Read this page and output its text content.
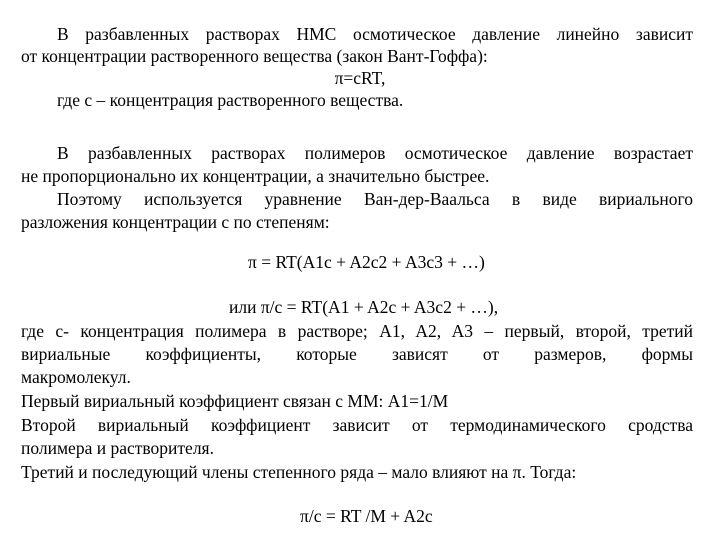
В разбавленных растворах НМС осмотическое давление линейно зависит
от концентрации растворенного вещества (закон Вант-Гоффа):
π=cRT,
где c – концентрация растворенного вещества.
В разбавленных растворах полимеров осмотическое давление возрастает
не пропорционально их концентрации, а значительно быстрее.
Поэтому используется уравнение Ван-дер-Ваальса в виде вириального
разложения концентрации c по степеням:
π = RT(A1c + A2c2 + A3c3 + …)
или π/c = RT(A1 + A2c + A3c2 + …),
где c- концентрация полимера в растворе; A1, A2, A3 – первый, второй, третий
вириальные коэффициенты, которые зависят от размеров, формы
макромолекул.
Первый вириальный коэффициент связан с ММ: A1=1/M
Второй вириальный коэффициент зависит от термодинамического сродства
полимера и растворителя.
Третий и последующий члены степенного ряда – мало влияют на π. Тогда:
π/c = RT /M + A2c
